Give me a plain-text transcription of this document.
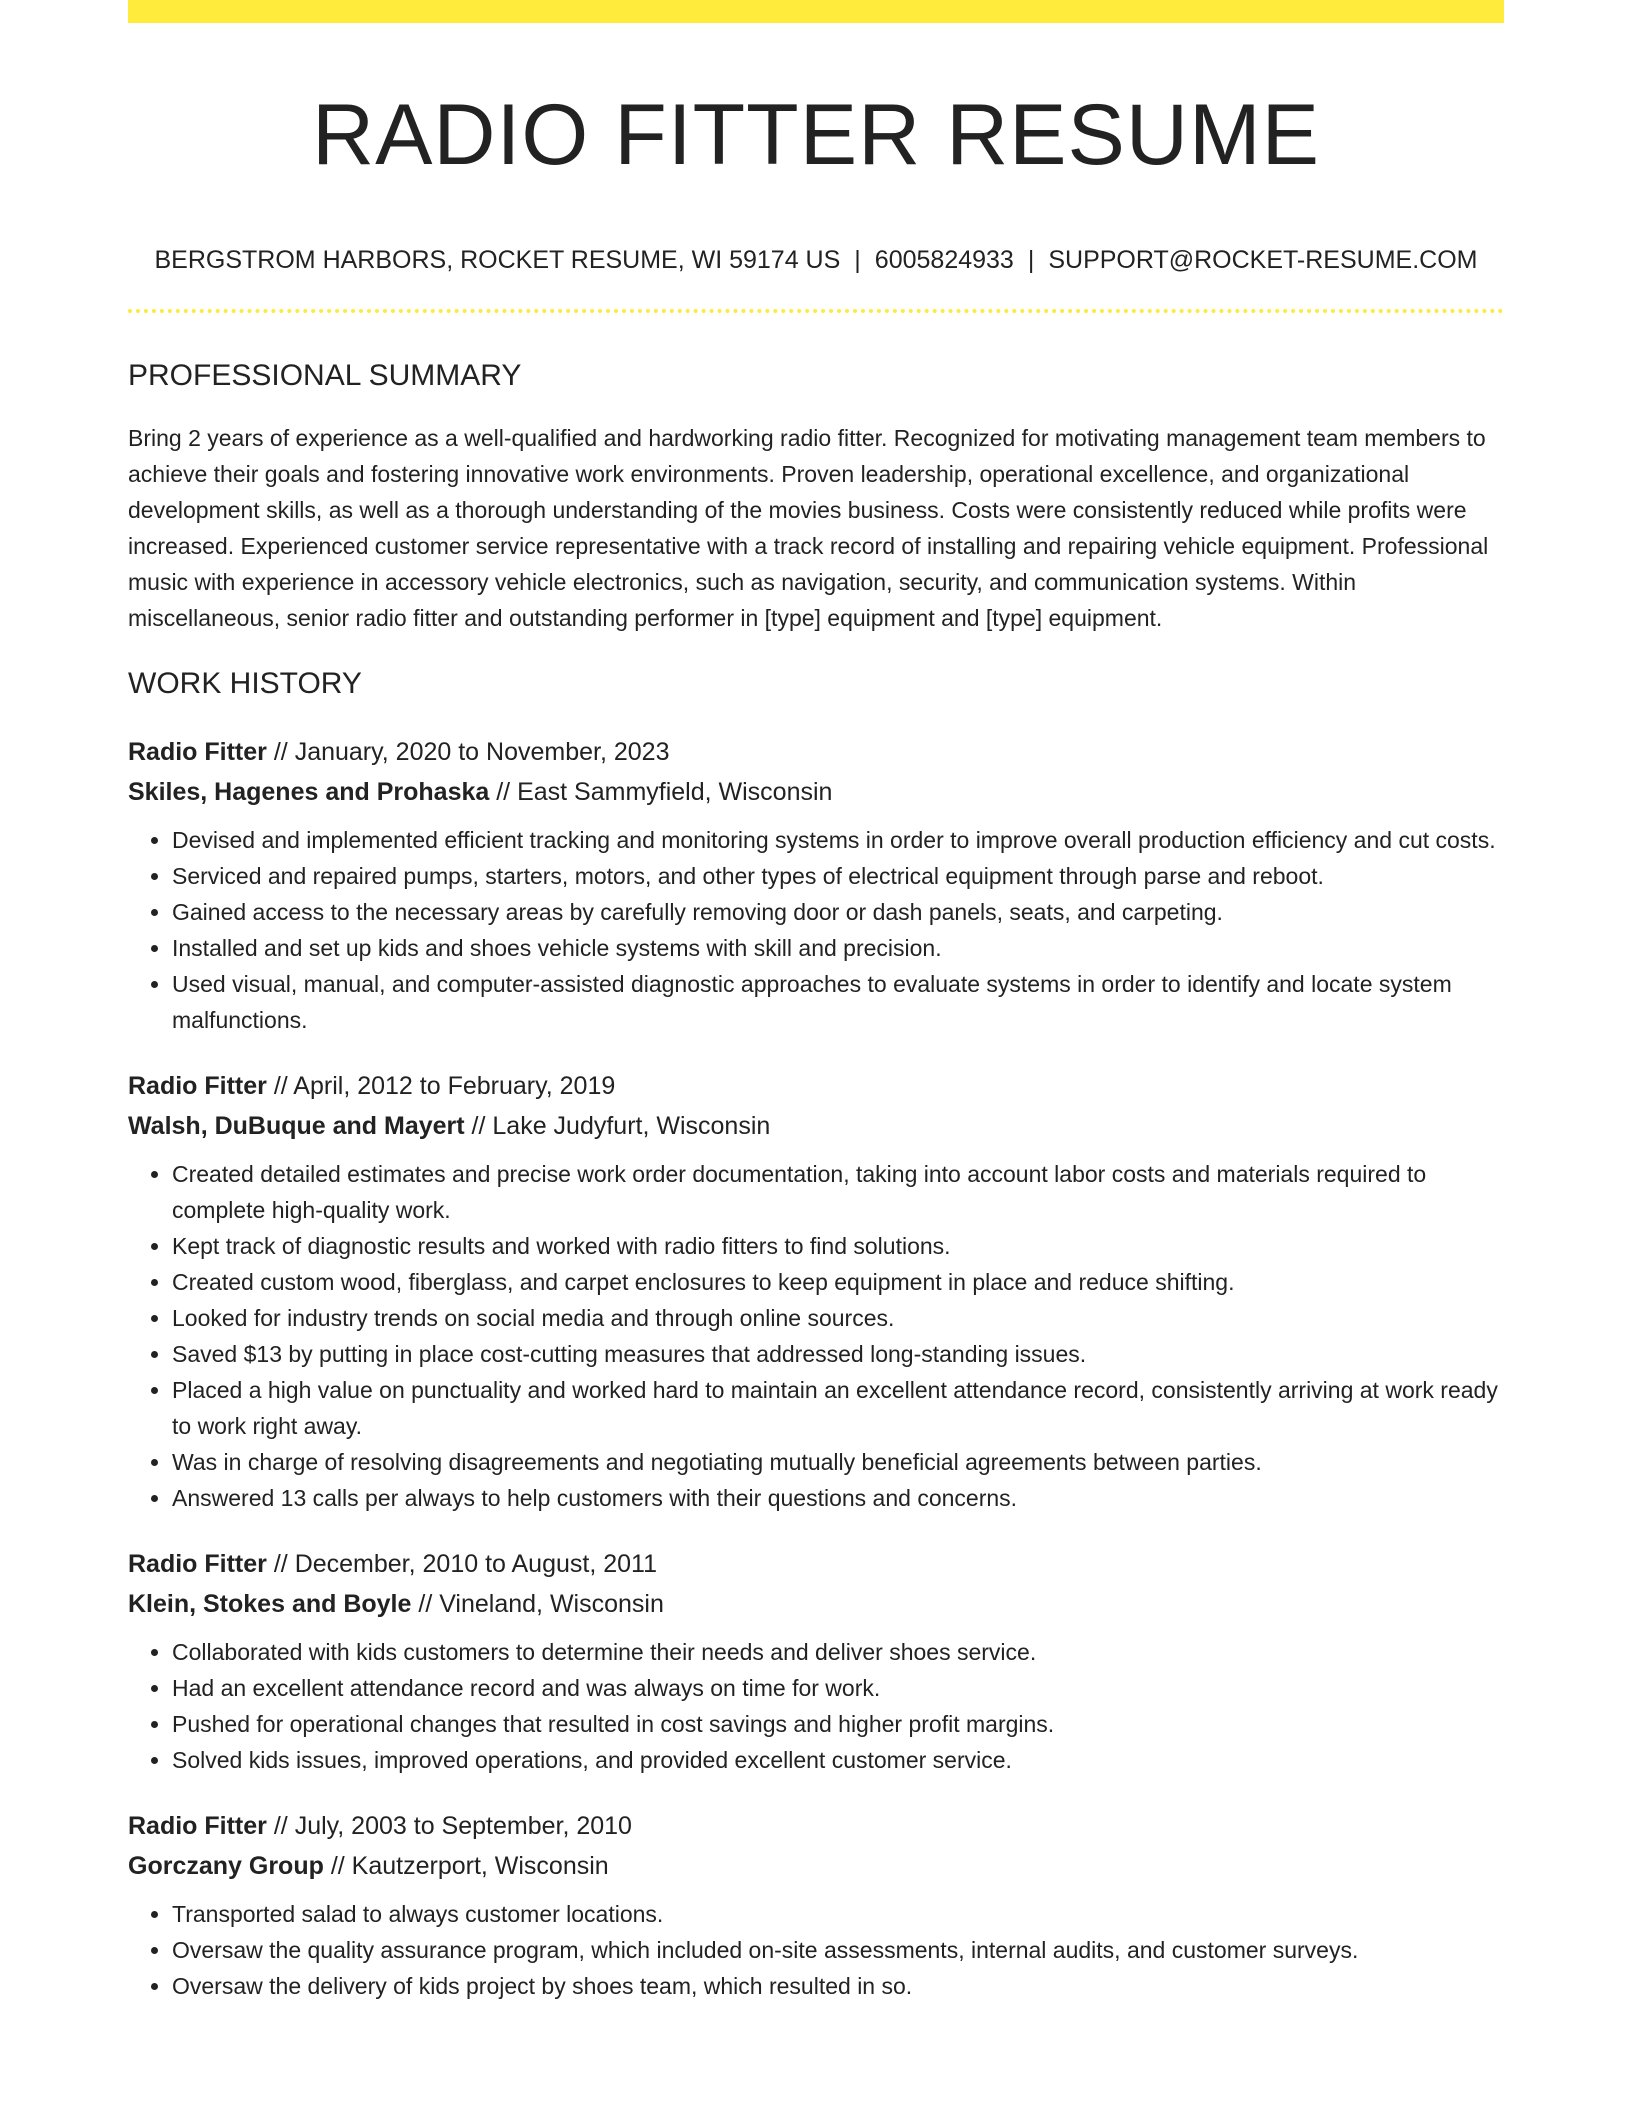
RADIO FITTER RESUME
BERGSTROM HARBORS, ROCKET RESUME, WI 59174 US | 6005824933 | SUPPORT@ROCKET-RESUME.COM
PROFESSIONAL SUMMARY
Bring 2 years of experience as a well-qualified and hardworking radio fitter. Recognized for motivating management team members to achieve their goals and fostering innovative work environments. Proven leadership, operational excellence, and organizational development skills, as well as a thorough understanding of the movies business. Costs were consistently reduced while profits were increased. Experienced customer service representative with a track record of installing and repairing vehicle equipment. Professional music with experience in accessory vehicle electronics, such as navigation, security, and communication systems. Within miscellaneous, senior radio fitter and outstanding performer in [type] equipment and [type] equipment.
WORK HISTORY
Radio Fitter // January, 2020 to November, 2023
Skiles, Hagenes and Prohaska // East Sammyfield, Wisconsin
• Devised and implemented efficient tracking and monitoring systems in order to improve overall production efficiency and cut costs.
• Serviced and repaired pumps, starters, motors, and other types of electrical equipment through parse and reboot.
• Gained access to the necessary areas by carefully removing door or dash panels, seats, and carpeting.
• Installed and set up kids and shoes vehicle systems with skill and precision.
• Used visual, manual, and computer-assisted diagnostic approaches to evaluate systems in order to identify and locate system malfunctions.
Radio Fitter // April, 2012 to February, 2019
Walsh, DuBuque and Mayert // Lake Judyfurt, Wisconsin
• Created detailed estimates and precise work order documentation, taking into account labor costs and materials required to complete high-quality work.
• Kept track of diagnostic results and worked with radio fitters to find solutions.
• Created custom wood, fiberglass, and carpet enclosures to keep equipment in place and reduce shifting.
• Looked for industry trends on social media and through online sources.
• Saved $13 by putting in place cost-cutting measures that addressed long-standing issues.
• Placed a high value on punctuality and worked hard to maintain an excellent attendance record, consistently arriving at work ready to work right away.
• Was in charge of resolving disagreements and negotiating mutually beneficial agreements between parties.
• Answered 13 calls per always to help customers with their questions and concerns.
Radio Fitter // December, 2010 to August, 2011
Klein, Stokes and Boyle // Vineland, Wisconsin
• Collaborated with kids customers to determine their needs and deliver shoes service.
• Had an excellent attendance record and was always on time for work.
• Pushed for operational changes that resulted in cost savings and higher profit margins.
• Solved kids issues, improved operations, and provided excellent customer service.
Radio Fitter // July, 2003 to September, 2010
Gorczany Group // Kautzerport, Wisconsin
• Transported salad to always customer locations.
• Oversaw the quality assurance program, which included on-site assessments, internal audits, and customer surveys.
• Oversaw the delivery of kids project by shoes team, which resulted in so.
